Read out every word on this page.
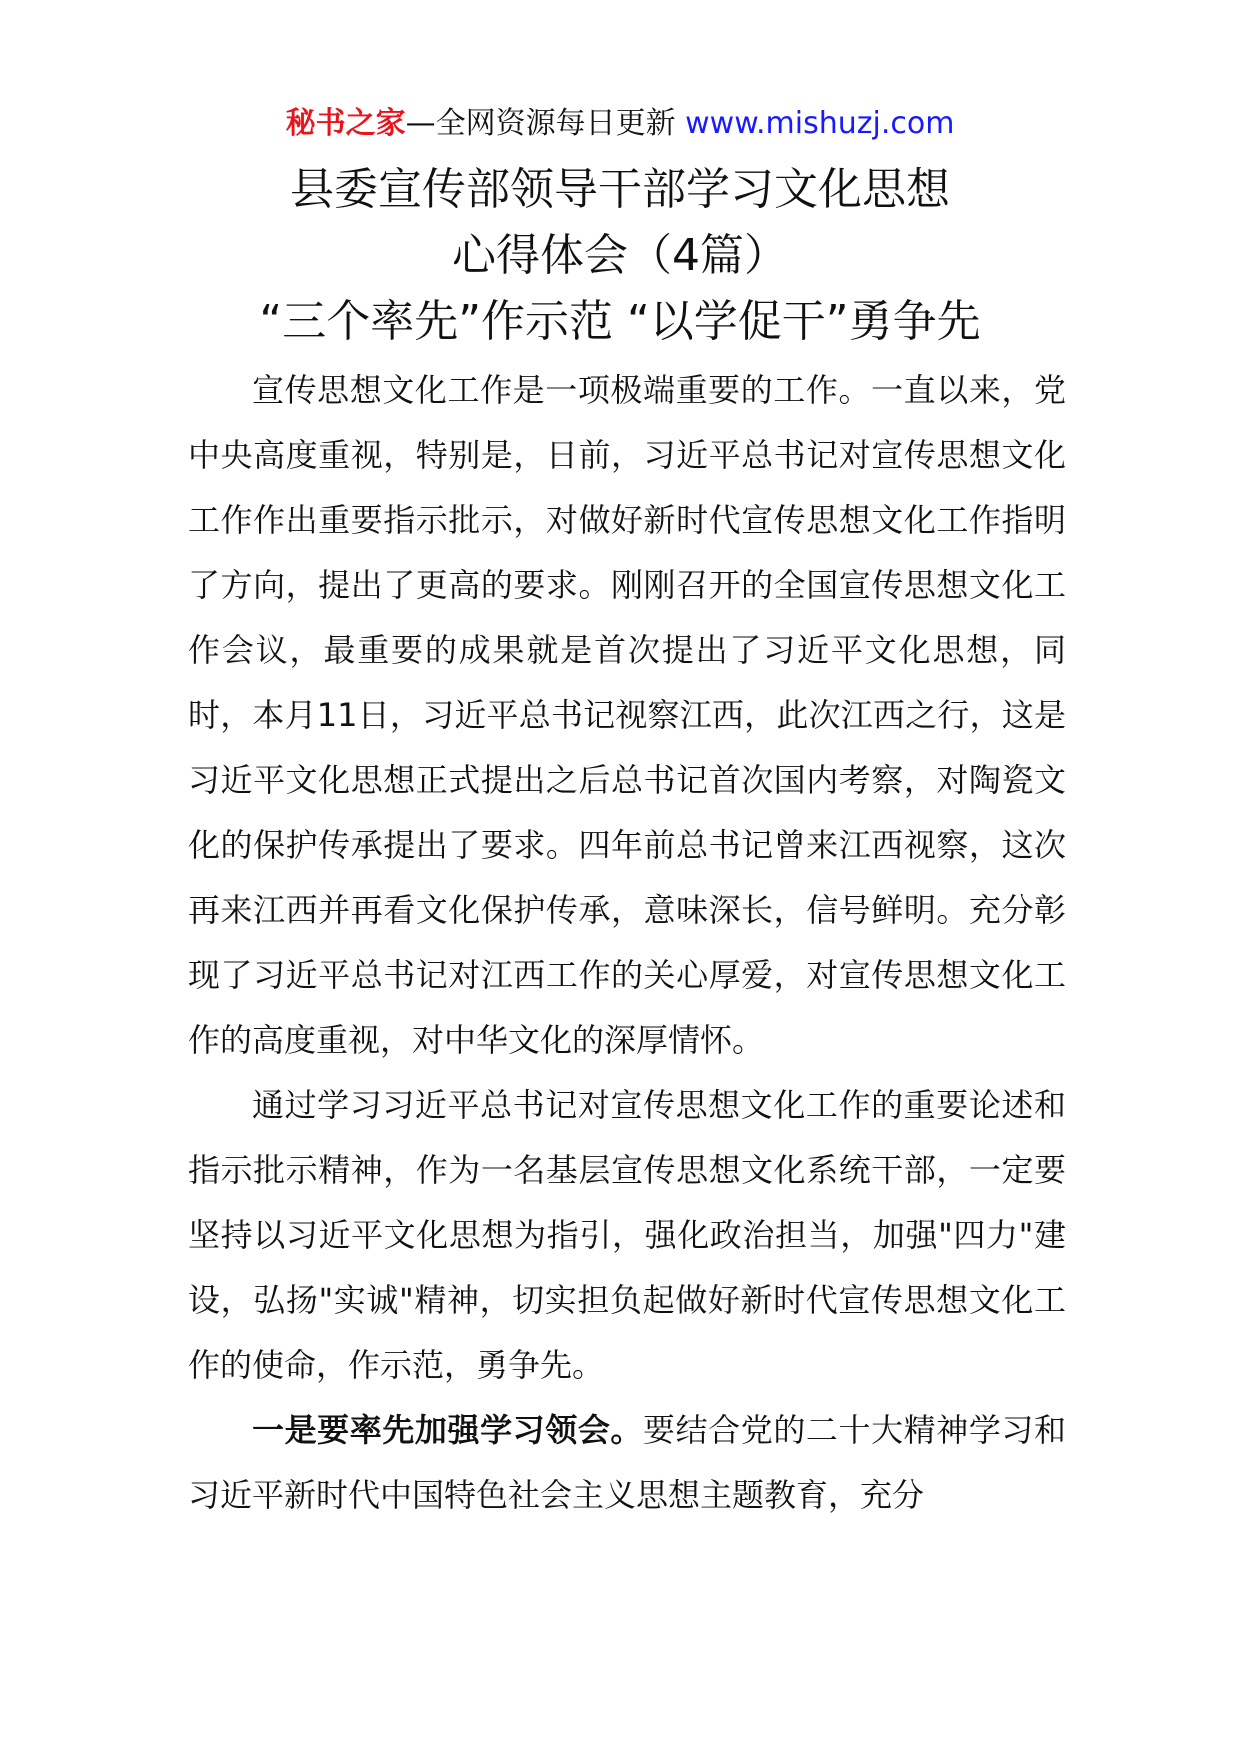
秘书之家—全网资源每日更新 www.mishuzj.com
县委宣传部领导干部学习文化思想
心得体会（4篇）
“三个率先”作示范 “以学促干”勇争先

宣传思想文化工作是一项极端重要的工作。一直以来，党中央高度重视，特别是，日前，习近平总书记对宣传思想文化工作作出重要指示批示，对做好新时代宣传思想文化工作指明了方向，提出了更高的要求。刚刚召开的全国宣传思想文化工作会议，最重要的成果就是首次提出了习近平文化思想，同时，本月11日，习近平总书记视察江西，此次江西之行，这是习近平文化思想正式提出之后总书记首次国内考察，对陶瓷文化的保护传承提出了要求。四年前总书记曾来江西视察，这次再来江西并再看文化保护传承，意味深长，信号鲜明。充分彰现了习近平总书记对江西工作的关心厚爱，对宣传思想文化工作的高度重视，对中华文化的深厚情怀。

通过学习习近平总书记对宣传思想文化工作的重要论述和指示批示精神，作为一名基层宣传思想文化系统干部，一定要坚持以习近平文化思想为指引，强化政治担当，加强"四力"建设，弘扬"实诚"精神，切实担负起做好新时代宣传思想文化工作的使命，作示范，勇争先。

一是要率先加强学习领会。要结合党的二十大精神学习和习近平新时代中国特色社会主义思想主题教育，充分
